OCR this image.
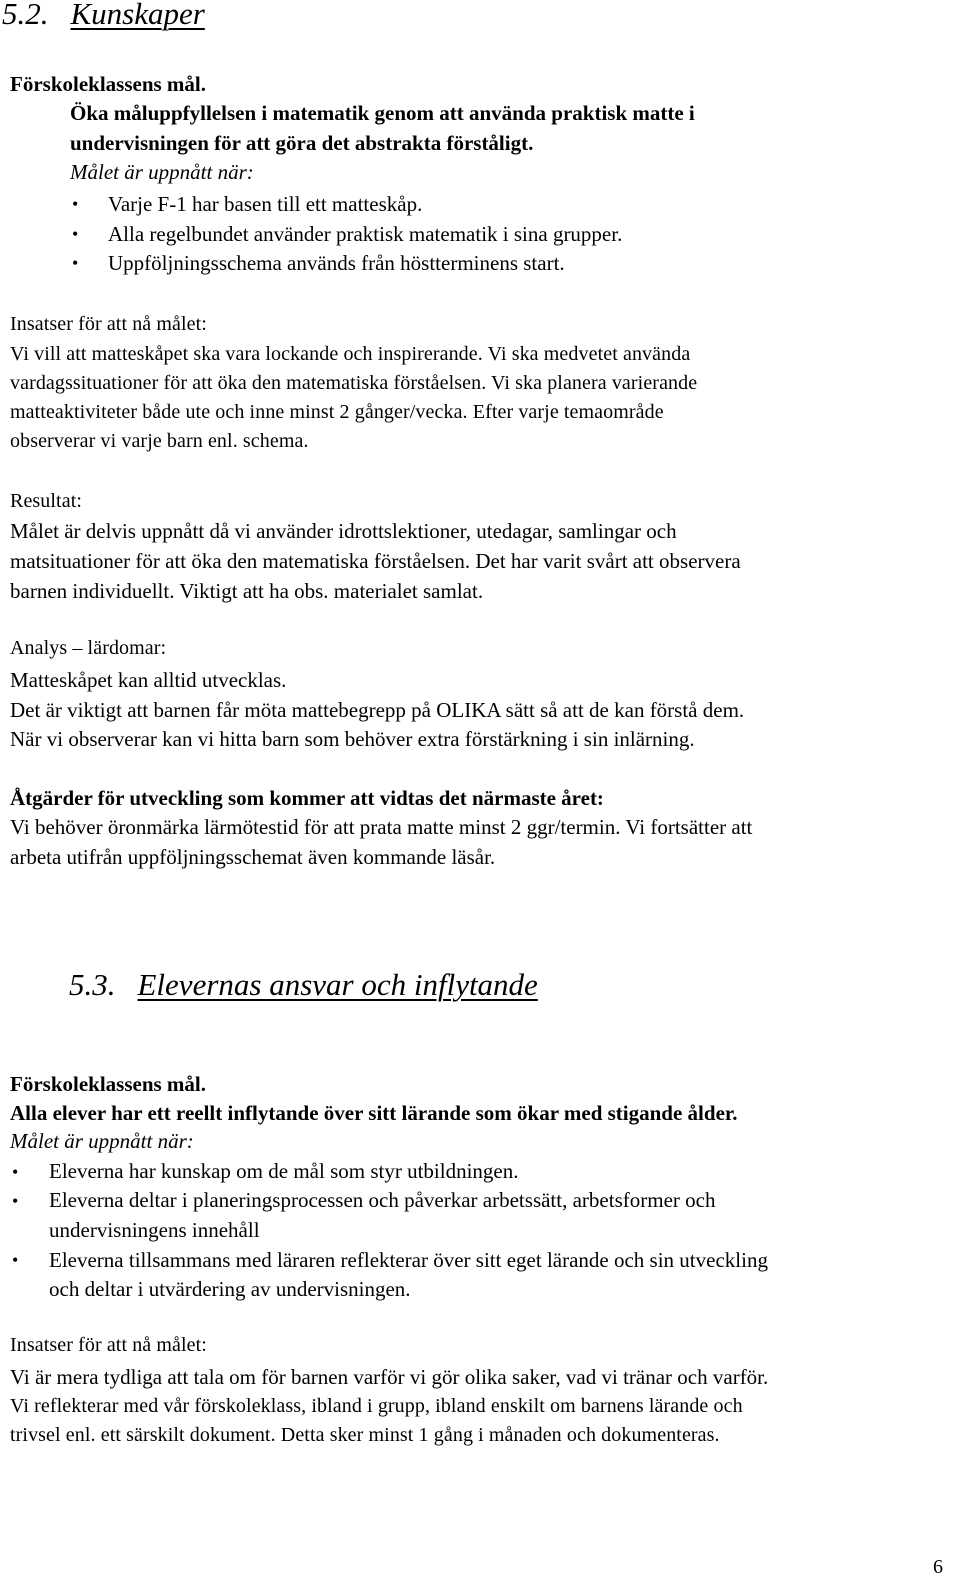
5.2. Kunskaper
Förskoleklassens mål.
Öka måluppfyllelsen i matematik genom att använda praktisk matte i
undervisningen för att göra det abstrakta förståligt.
Målet är uppnått när:
• Varje F-1 har basen till ett matteskåp.
• Alla regelbundet använder praktisk matematik i sina grupper.
• Uppföljningsschema används från höstterminens start.
Insatser för att nå målet:
Vi vill att matteskåpet ska vara lockande och inspirerande. Vi ska medvetet använda
vardagssituationer för att öka den matematiska förståelsen. Vi ska planera varierande
matteaktiviteter både ute och inne minst 2 gånger/vecka. Efter varje temaområde
observerar vi varje barn enl. schema.
Resultat:
Målet är delvis uppnått då vi använder idrottslektioner, utedagar, samlingar och
matsituationer för att öka den matematiska förståelsen. Det har varit svårt att observera
barnen individuellt. Viktigt att ha obs. materialet samlat.
Analys – lärdomar:
Matteskåpet kan alltid utvecklas.
Det är viktigt att barnen får möta mattebegrepp på OLIKA sätt så att de kan förstå dem.
När vi observerar kan vi hitta barn som behöver extra förstärkning i sin inlärning.
Åtgärder för utveckling som kommer att vidtas det närmaste året:
Vi behöver öronmärka lärmötestid för att prata matte minst 2 ggr/termin. Vi fortsätter att
arbeta utifrån uppföljningsschemat även kommande läsår.
5.3. Elevernas ansvar och inflytande
Förskoleklassens mål.
Alla elever har ett reellt inflytande över sitt lärande som ökar med stigande ålder.
Målet är uppnått när:
• Eleverna har kunskap om de mål som styr utbildningen.
• Eleverna deltar i planeringsprocessen och påverkar arbetssätt, arbetsformer och
undervisningens innehåll
• Eleverna tillsammans med läraren reflekterar över sitt eget lärande och sin utveckling
och deltar i utvärdering av undervisningen.
Insatser för att nå målet:
Vi är mera tydliga att tala om för barnen varför vi gör olika saker, vad vi tränar och varför.
Vi reflekterar med vår förskoleklass, ibland i grupp, ibland enskilt om barnens lärande och
trivsel enl. ett särskilt dokument. Detta sker minst 1 gång i månaden och dokumenteras.
6
